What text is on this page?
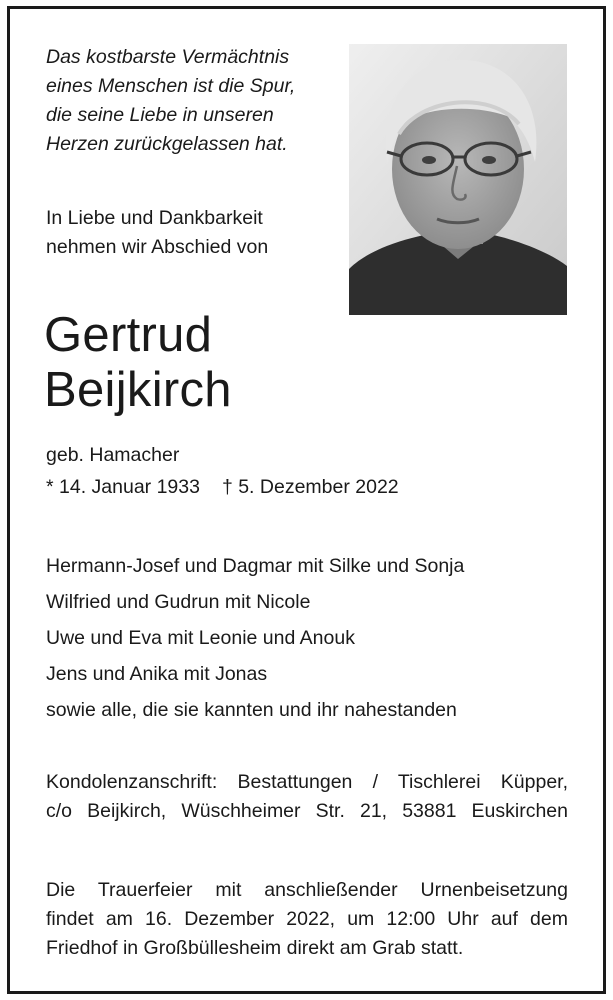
Das kostbarste Vermächtnis
eines Menschen ist die Spur,
die seine Liebe in unseren
Herzen zurückgelassen hat.

In Liebe und Dankbarkeit
nehmen wir Abschied von

Gertrud
Beijkirch
geb. Hamacher
* 14. Januar 1933 † 5. Dezember 2022
Hermann-Josef und Dagmar mit Silke und Sonja
Wilfried und Gudrun mit Nicole
Uwe und Eva mit Leonie und Anouk
Jens und Anika mit Jonas
sowie alle, die sie kannten und ihr nahestanden
Kondolenzanschrift: Bestattungen / Tischlerei Küpper,
c/o Beijkirch, Wüschheimer Str. 21, 53881 Euskirchen
Die Trauerfeier mit anschließender Urnenbeisetzung
findet am 16. Dezember 2022, um 12:00 Uhr auf dem
Friedhof in Großbüllesheim direkt am Grab statt.
